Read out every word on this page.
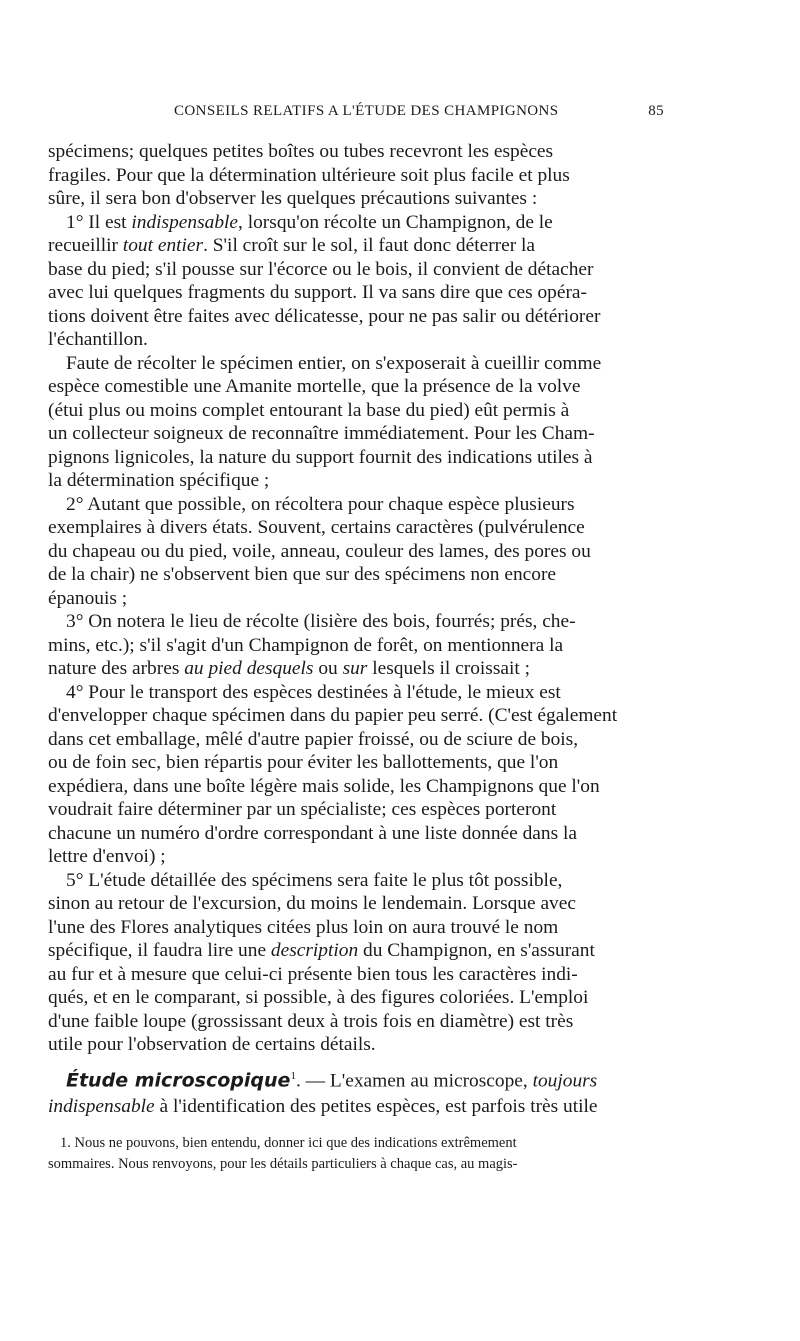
CONSEILS RELATIFS A L'ÉTUDE DES CHAMPIGNONS	85

spécimens; quelques petites boîtes ou tubes recevront les espèces
fragiles. Pour que la détermination ultérieure soit plus facile et plus
sûre, il sera bon d'observer les quelques précautions suivantes :

1° Il est indispensable, lorsqu'on récolte un Champignon, de le
recueillir tout entier. S'il croît sur le sol, il faut donc déterrer la
base du pied; s'il pousse sur l'écorce ou le bois, il convient de détacher
avec lui quelques fragments du support. Il va sans dire que ces opéra-
tions doivent être faites avec délicatesse, pour ne pas salir ou détériorer
l'échantillon.

Faute de récolter le spécimen entier, on s'exposerait à cueillir comme
espèce comestible une Amanite mortelle, que la présence de la volve
(étui plus ou moins complet entourant la base du pied) eût permis à
un collecteur soigneux de reconnaître immédiatement. Pour les Cham-
pignons lignicoles, la nature du support fournit des indications utiles à
la détermination spécifique ;

2° Autant que possible, on récoltera pour chaque espèce plusieurs
exemplaires à divers états. Souvent, certains caractères (pulvérulence
du chapeau ou du pied, voile, anneau, couleur des lames, des pores ou
de la chair) ne s'observent bien que sur des spécimens non encore
épanouis ;

3° On notera le lieu de récolte (lisière des bois, fourrés; prés, che-
mins, etc.); s'il s'agit d'un Champignon de forêt, on mentionnera la
nature des arbres au pied desquels ou sur lesquels il croissait ;

4° Pour le transport des espèces destinées à l'étude, le mieux est
d'envelopper chaque spécimen dans du papier peu serré. (C'est également
dans cet emballage, mêlé d'autre papier froissé, ou de sciure de bois,
ou de foin sec, bien répartis pour éviter les ballottements, que l'on
expédiera, dans une boîte légère mais solide, les Champignons que l'on
voudrait faire déterminer par un spécialiste; ces espèces porteront
chacune un numéro d'ordre correspondant à une liste donnée dans la
lettre d'envoi) ;

5° L'étude détaillée des spécimens sera faite le plus tôt possible,
sinon au retour de l'excursion, du moins le lendemain. Lorsque avec
l'une des Flores analytiques citées plus loin on aura trouvé le nom
spécifique, il faudra lire une description du Champignon, en s'assurant
au fur et à mesure que celui-ci présente bien tous les caractères indi-
qués, et en le comparant, si possible, à des figures coloriées. L'emploi
d'une faible loupe (grossissant deux à trois fois en diamètre) est très
utile pour l'observation de certains détails.

Étude microscopique$^1$. — L'examen au microscope, toujours
indispensable à l'identification des petites espèces, est parfois très utile
1. Nous ne pouvons, bien entendu, donner ici que des indications extrêmement
sommaires. Nous renvoyons, pour les détails particuliers à chaque cas, au magis-
